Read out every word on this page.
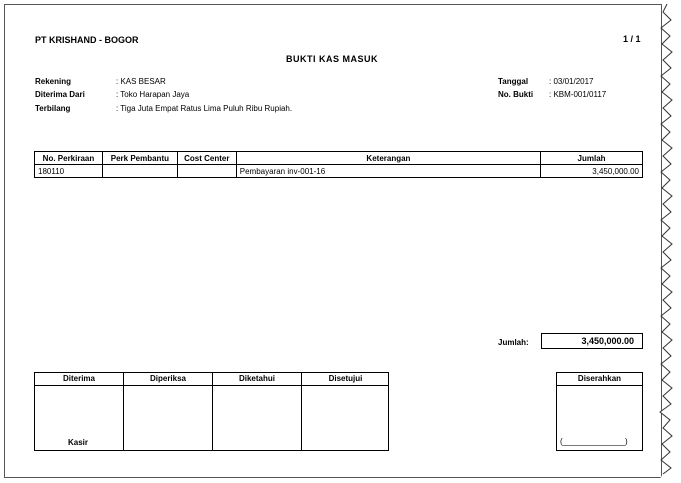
PT KRISHAND - BOGOR	1 / 1
BUKTI KAS MASUK
Rekening	: KAS BESAR
Diterima Dari	: Toko Harapan Jaya
Terbilang	: Tiga Juta Empat Ratus Lima Puluh Ribu Rupiah.
Tanggal	: 03/01/2017
No. Bukti : KBM-001/0117
No. Perkiraan	Perk Pembantu	Cost Center	Keterangan	Jumlah
180110			Pembayaran inv-001-16	3,450,000.00
Jumlah:	3,450,000.00
Diterima
Kasir
Diperiksa	Diketahui	Disetujui	Diserahkan
(______________)
